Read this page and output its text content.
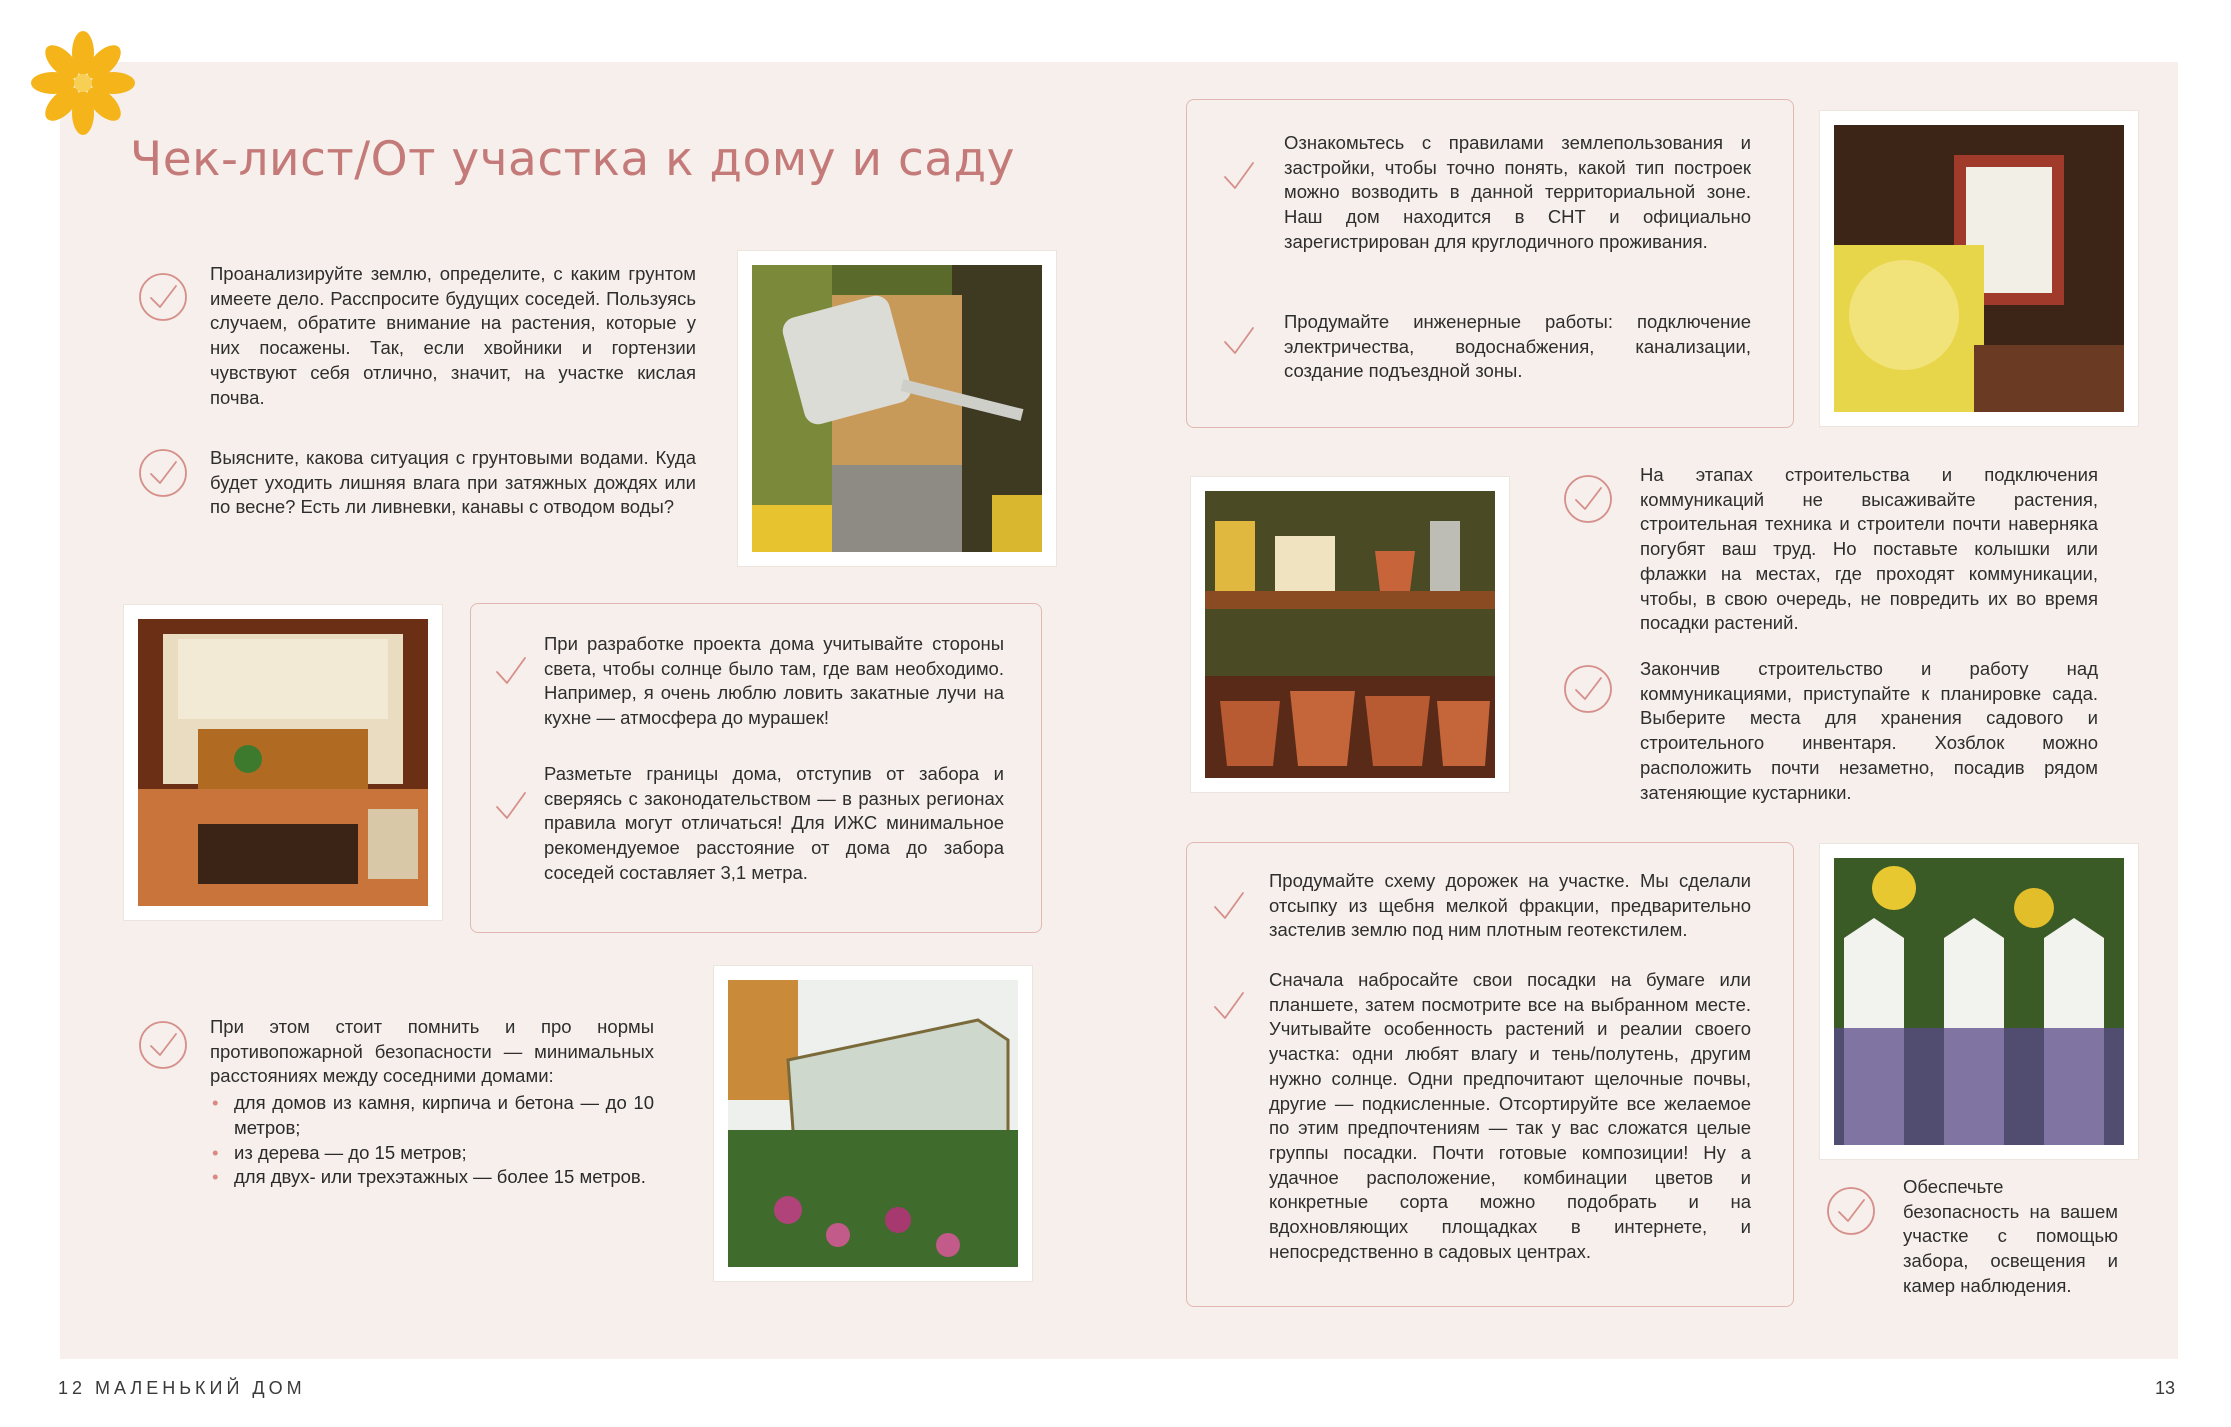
Чек-лист/От участка к дому и саду
Проанализируйте землю, определите, с каким грунтом имеете дело. Расспросите будущих соседей. Пользуясь случаем, обратите внимание на растения, которые у них посажены. Так, если хвойники и гортензии чувствуют себя отлично, значит, на участке кислая почва.
Выясните, какова ситуация с грунтовыми водами. Куда будет уходить лишняя влага при затяжных дождях или по весне? Есть ли ливневки, канавы с отводом воды?
При разработке проекта дома учитывайте стороны света, чтобы солнце было там, где вам необходимо. Например, я очень люблю ловить закатные лучи на кухне — атмосфера до мурашек!
Разметьте границы дома, отступив от забора и сверяясь с законодательством — в разных регионах правила могут отличаться! Для ИЖС минимальное рекомендуемое расстояние от дома до забора соседей составляет 3,1 метра.
При этом стоит помнить и про нормы противопожарной безопасности — минимальных расстояниях между соседними домами:
• для домов из камня, кирпича и бетона — до 10 метров;
• из дерева — до 15 метров;
• для двух- или трехэтажных — более 15 метров.
Ознакомьтесь с правилами землепользования и застройки, чтобы точно понять, какой тип построек можно возводить в данной территориальной зоне. Наш дом находится в СНТ и официально зарегистрирован для круглодичного проживания.
Продумайте инженерные работы: подключение электричества, водоснабжения, канализации, создание подъездной зоны.
На этапах строительства и подключения коммуникаций не высаживайте растения, строительная техника и строители почти наверняка погубят ваш труд. Но поставьте колышки или флажки на местах, где проходят коммуникации, чтобы, в свою очередь, не повредить их во время посадки растений.
Закончив строительство и работу над коммуникациями, приступайте к планировке сада. Выберите места для хранения садового и строительного инвентаря. Хозблок можно расположить почти незаметно, посадив рядом затеняющие кустарники.
Продумайте схему дорожек на участке. Мы сделали отсыпку из щебня мелкой фракции, предварительно застелив землю под ним плотным геотекстилем.
Сначала набросайте свои посадки на бумаге или планшете, затем посмотрите все на выбранном месте. Учитывайте особенность растений и реалии своего участка: одни любят влагу и тень/полутень, другим нужно солнце. Одни предпочитают щелочные почвы, другие — подкисленные. Отсортируйте все желаемое по этим предпочтениям — так у вас сложатся целые группы посадки. Почти готовые композиции! Ну а удачное расположение, комбинации цветов и конкретные сорта можно подобрать и на вдохновляющих площадках в интернете, и непосредственно в садовых центрах.
Обеспечьте безопасность на вашем участке с помощью забора, освещения и камер наблюдения.
12 МАЛЕНЬКИЙ ДОМ	13
